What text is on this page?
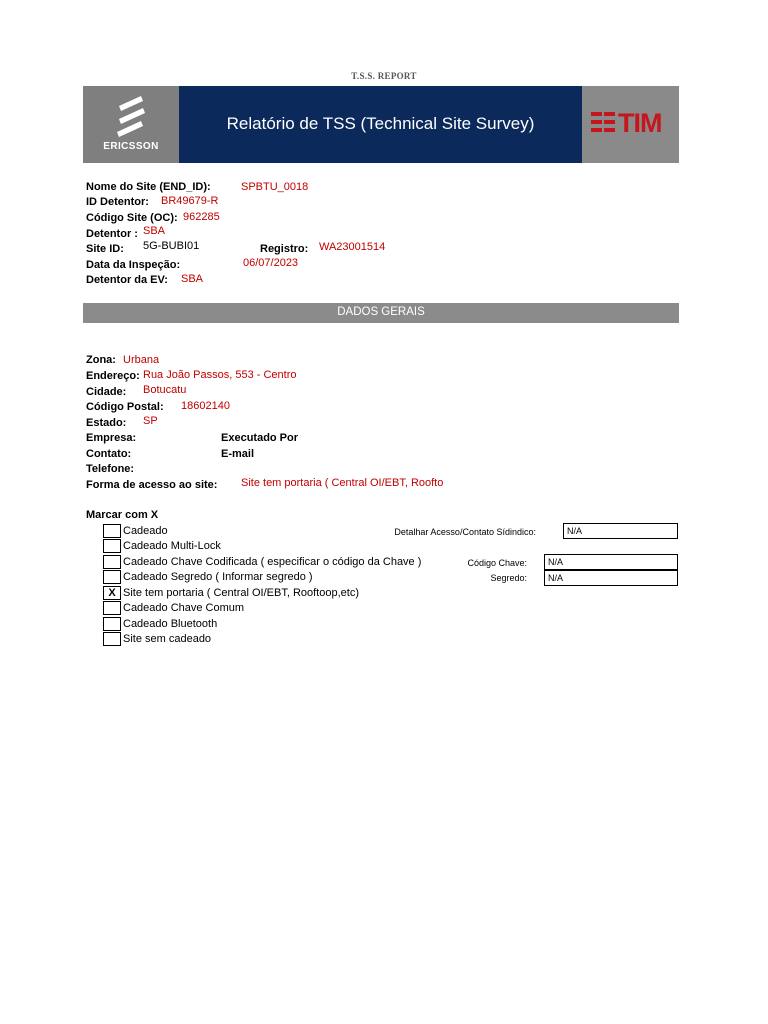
T.S.S. REPORT
ERICSSON
Relatório de TSS (Technical Site Survey)	TIM
Nome do Site (END_ID):	SPBTU_0018
ID Detentor: BR49679-R
Código Site (OC): 962285
Detentor : SBA
Site ID: 5G-BUBI01	Registro: WA23001514
Data da Inspeção:	06/07/2023
Detentor da EV: SBA
DADOS GERAIS
Zona: Urbana
Endereço: Rua João Passos, 553 - Centro
Cidade: Botucatu
Código Postal: 18602140
Estado: SP
Empresa:	Executado Por
Contato:	E-mail
Telefone:
Forma de acesso ao site: Site tem portaria ( Central OI/EBT, Roofto
Marcar com X
Cadeado
Cadeado Multi-Lock
Cadeado Chave Codificada ( especificar o código da Chave )
Cadeado Segredo ( Informar segredo )
X Site tem portaria ( Central OI/EBT, Rooftoop,etc)
Cadeado Chave Comum
Cadeado Bluetooth
Site sem cadeado
Detalhar Acesso/Contato Sídindico:	N/A
Código Chave:	N/A
Segredo:	N/A
